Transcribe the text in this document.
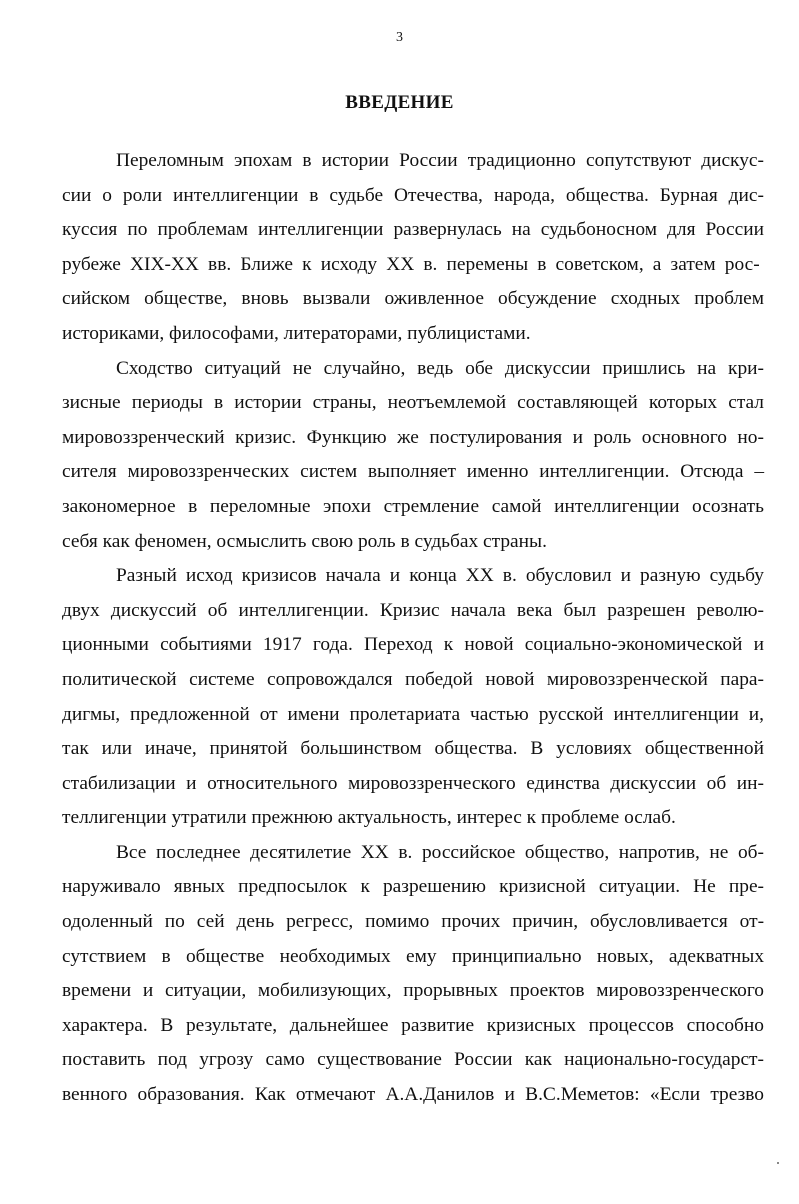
3
ВВЕДЕНИЕ

Переломным эпохам в истории России традиционно сопутствуют дискус-
сии о роли интеллигенции в судьбе Отечества, народа, общества. Бурная дис-
куссия по проблемам интеллигенции развернулась на судьбоносном для России
рубеже XIX-XX вв. Ближе к исходу XX в. перемены в советском, а затем рос-
сийском обществе, вновь вызвали оживленное обсуждение сходных проблем
историками, философами, литераторами, публицистами.

Сходство ситуаций не случайно, ведь обе дискуссии пришлись на кри-
зисные периоды в истории страны, неотъемлемой составляющей которых стал
мировоззренческий кризис. Функцию же постулирования и роль основного но-
сителя мировоззренческих систем выполняет именно интеллигенции. Отсюда –
закономерное в переломные эпохи стремление самой интеллигенции осознать
себя как феномен, осмыслить свою роль в судьбах страны.

Разный исход кризисов начала и конца XX в. обусловил и разную судьбу
двух дискуссий об интеллигенции. Кризис начала века был разрешен револю-
ционными событиями 1917 года. Переход к новой социально-экономической и
политической системе сопровождался победой новой мировоззренческой пара-
дигмы, предложенной от имени пролетариата частью русской интеллигенции и,
так или иначе, принятой большинством общества. В условиях общественной
стабилизации и относительного мировоззренческого единства дискуссии об ин-
теллигенции утратили прежнюю актуальность, интерес к проблеме ослаб.

Все последнее десятилетие XX в. российское общество, напротив, не об-
наруживало явных предпосылок к разрешению кризисной ситуации. Не пре-
одоленный по сей день регресс, помимо прочих причин, обусловливается от-
сутствием в обществе необходимых ему принципиально новых, адекватных
времени и ситуации, мобилизующих, прорывных проектов мировоззренческого
характера. В результате, дальнейшее развитие кризисных процессов способно
поставить под угрозу само существование России как национально-государст-
венного образования. Как отмечают А.А.Данилов и В.С.Меметов: «Если трезво
